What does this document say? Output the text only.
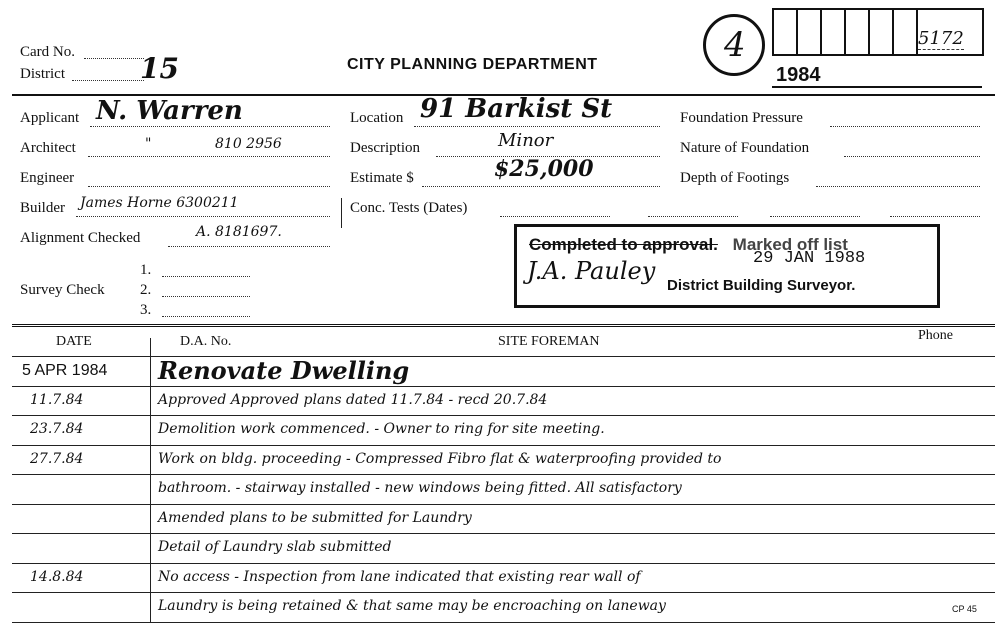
Card No.
District	15	CITY PLANNING DEPARTMENT	4	5172
1984
Applicant N. Warren
Architect	"	810 2956
Engineer
Builder James Horne 6300211
Alignment Checked	A. 8181697.
1.
Survey Check 2.
3.
Location 91 Barkist St
Description	Minor
Estimate $	$25,000
Conc. Tests (Dates)
Foundation Pressure
Nature of Foundation
Depth of Footings
Completed to approval. Marked off list
29 JAN 1988
J.A. Pauley
District Building Surveyor.
DATE	D.A. No.	SITE FOREMAN	Phone
5 APR 1984 Renovate Dwelling
11.7.84	Approved Approved plans dated 11.7.84 - recd 20.7.84
23.7.84	Demolition work commenced. - Owner to ring for site meeting.
27.7.84	Work on bldg. proceeding - Compressed Fibro flat & waterproofing provided to
bathroom. - stairway installed - new windows being fitted. All satisfactory
Amended plans to be submitted for Laundry
Detail of Laundry slab submitted
14.8.84	No access - Inspection from lane indicated that existing rear wall of
Laundry is being retained & that same may be encroaching on laneway	CP 45
